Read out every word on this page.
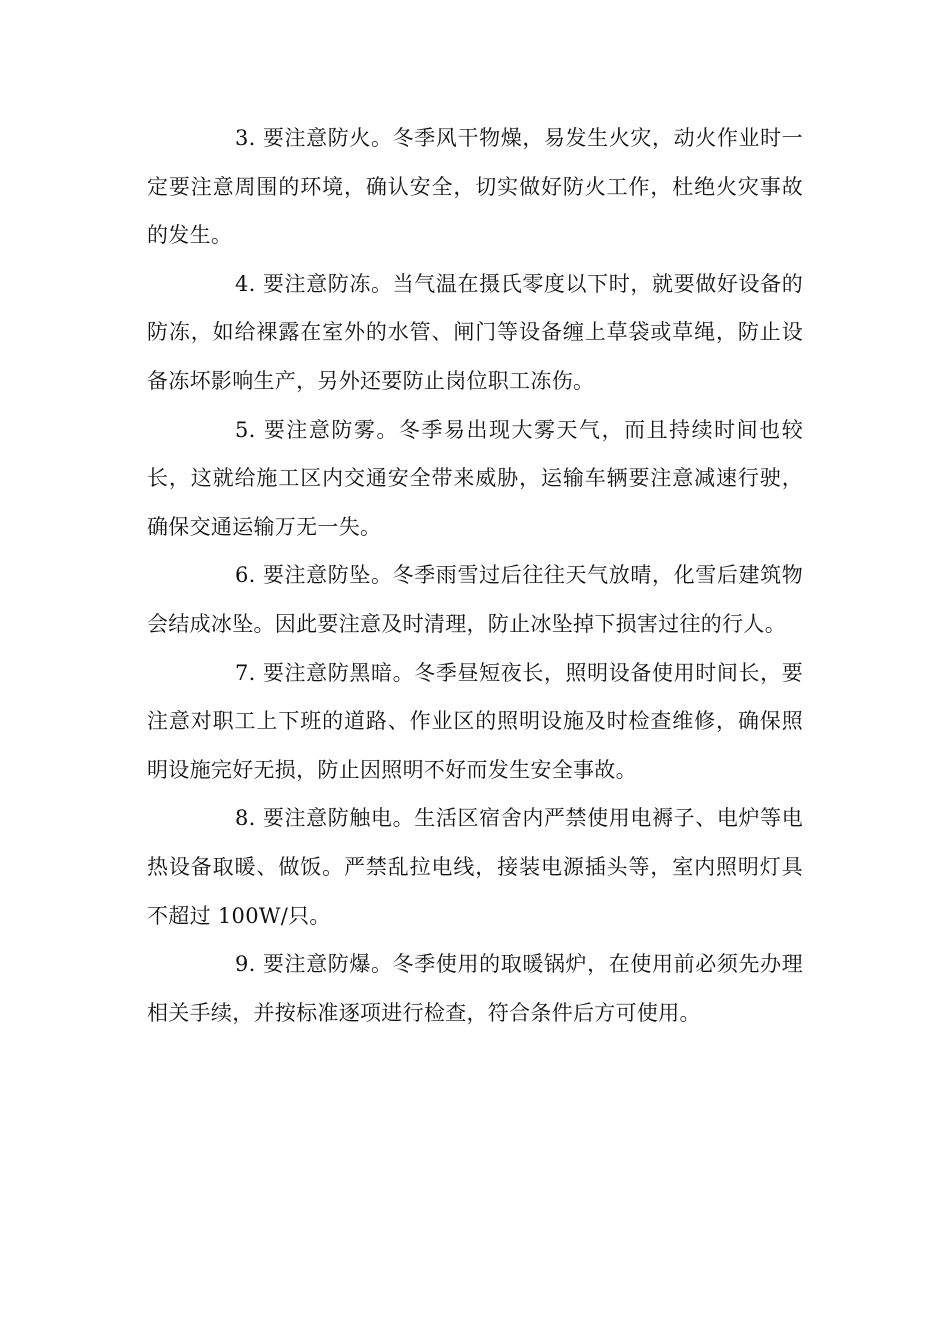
3. 要注意防火。冬季风干物燥，易发生火灾，动火作业时一定要注意周围的环境，确认安全，切实做好防火工作，杜绝火灾事故的发生。

4. 要注意防冻。当气温在摄氏零度以下时，就要做好设备的防冻，如给裸露在室外的水管、闸门等设备缠上草袋或草绳，防止设备冻坏影响生产，另外还要防止岗位职工冻伤。

5. 要注意防雾。冬季易出现大雾天气，而且持续时间也较长，这就给施工区内交通安全带来威胁，运输车辆要注意减速行驶，确保交通运输万无一失。

6. 要注意防坠。冬季雨雪过后往往天气放晴，化雪后建筑物会结成冰坠。因此要注意及时清理，防止冰坠掉下损害过往的行人。

7. 要注意防黑暗。冬季昼短夜长，照明设备使用时间长，要注意对职工上下班的道路、作业区的照明设施及时检查维修，确保照明设施完好无损，防止因照明不好而发生安全事故。

8. 要注意防触电。生活区宿舍内严禁使用电褥子、电炉等电热设备取暖、做饭。严禁乱拉电线，接装电源插头等，室内照明灯具不超过 100W/只。

9. 要注意防爆。冬季使用的取暖锅炉，在使用前必须先办理相关手续，并按标准逐项进行检查，符合条件后方可使用。
